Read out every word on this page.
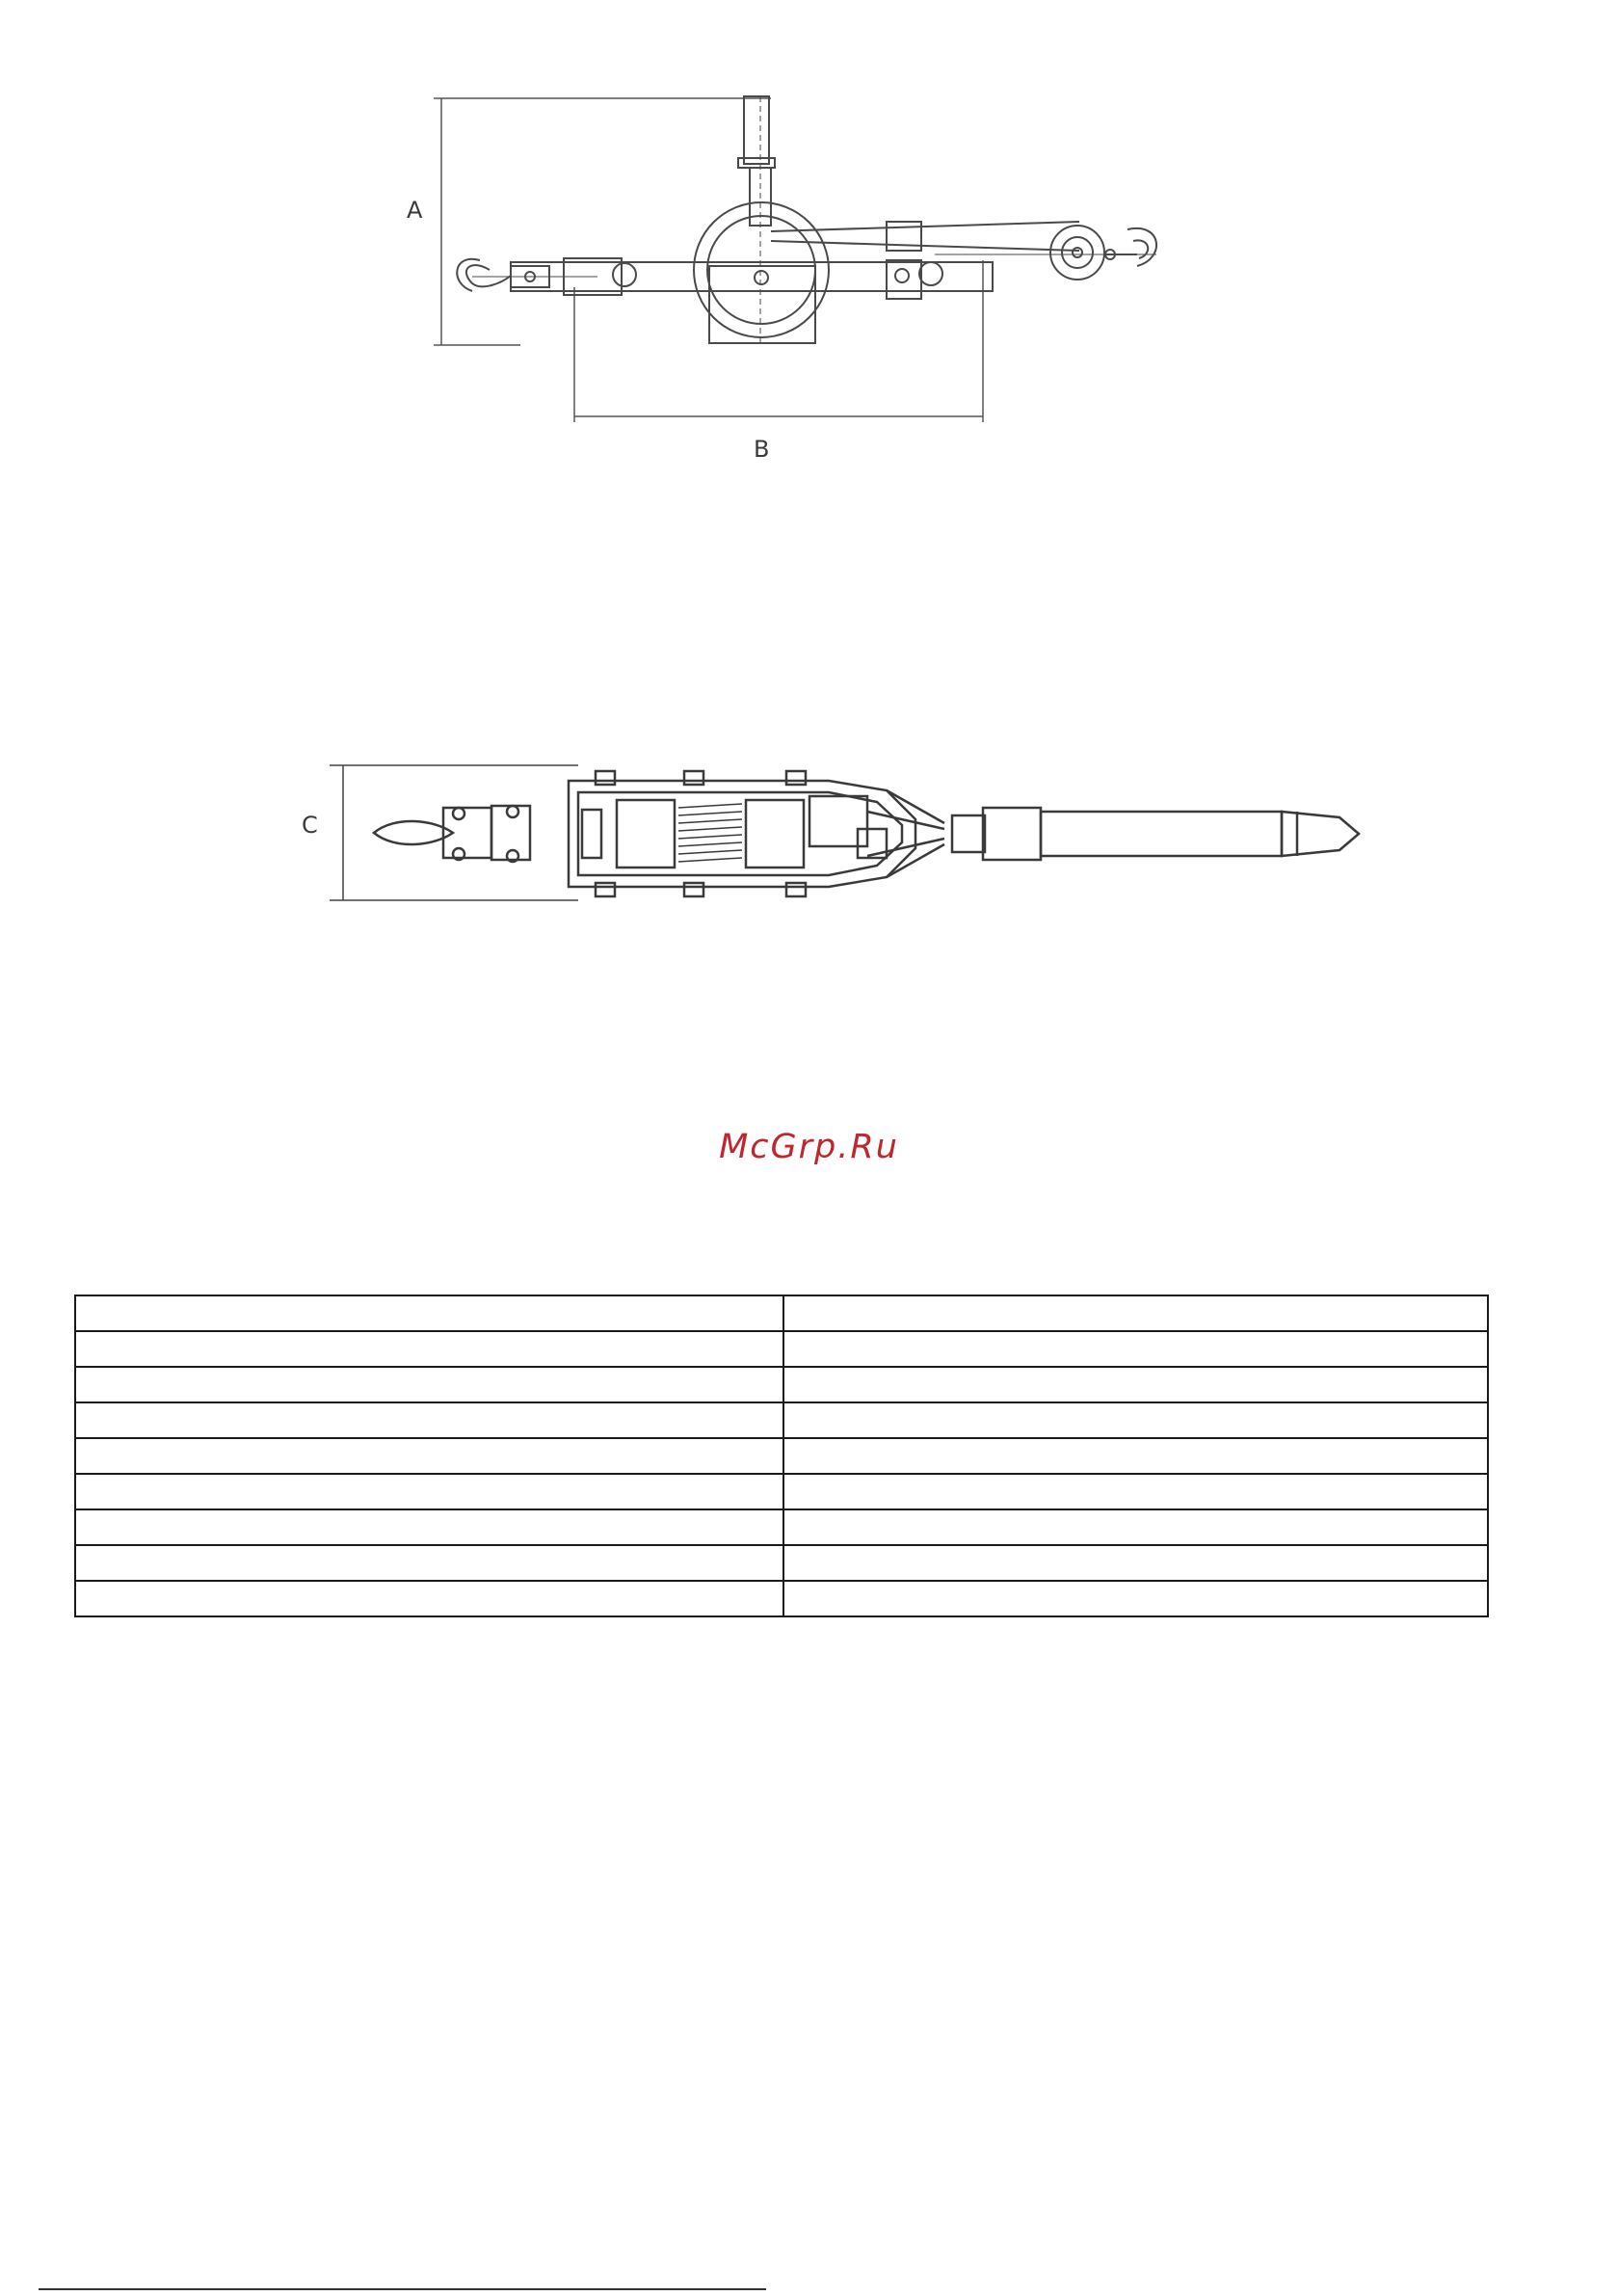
A
B
C
McGrp.Ru
